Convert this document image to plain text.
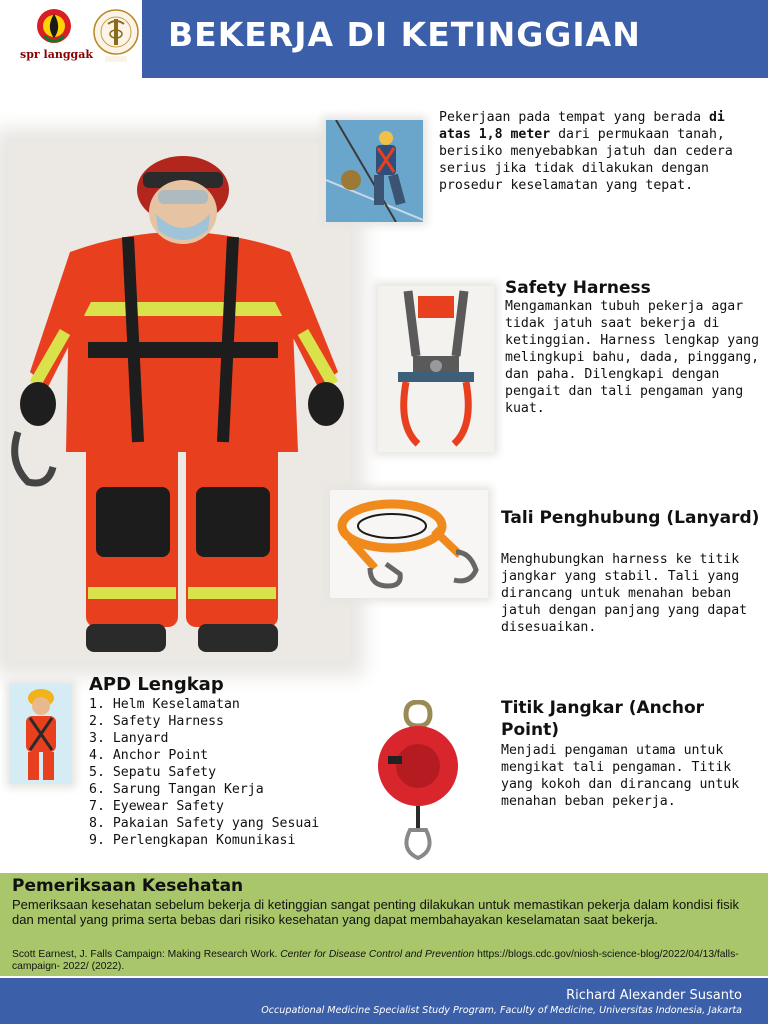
BEKERJA DI KETINGGIAN
spr langgak
Pekerjaan pada tempat yang berada di atas 1,8 meter dari permukaan tanah, berisiko menyebabkan jatuh dan cedera serius jika tidak dilakukan dengan prosedur keselamatan yang tepat.
Safety Harness
Mengamankan tubuh pekerja agar tidak jatuh saat bekerja di ketinggian. Harness lengkap yang melingkupi bahu, dada, pinggang, dan paha. Dilengkapi dengan pengait dan tali pengaman yang kuat.
Tali Penghubung (Lanyard)
Menghubungkan harness ke titik jangkar yang stabil. Tali yang dirancang untuk menahan beban jatuh dengan panjang yang dapat disesuaikan.
APD Lengkap
1. Helm Keselamatan
2. Safety Harness
3. Lanyard
4. Anchor Point
5. Sepatu Safety
6. Sarung Tangan Kerja
7. Eyewear Safety
8. Pakaian Safety yang Sesuai
9. Perlengkapan Komunikasi
Titik Jangkar (Anchor Point)
Menjadi pengaman utama untuk mengikat tali pengaman. Titik yang kokoh dan dirancang untuk menahan beban pekerja.
Pemeriksaan Kesehatan
Pemeriksaan kesehatan sebelum bekerja di ketinggian sangat penting dilakukan untuk memastikan pekerja dalam kondisi fisik dan mental yang prima serta bebas dari risiko kesehatan yang dapat membahayakan keselamatan saat bekerja.
Scott Earnest, J. Falls Campaign: Making Research Work. Center for Disease Control and Prevention https://blogs.cdc.gov/niosh-science-blog/2022/04/13/falls-campaign- 2022/ (2022).
Richard Alexander Susanto
Occupational Medicine Specialist Study Program, Faculty of Medicine, Universitas Indonesia, Jakarta
